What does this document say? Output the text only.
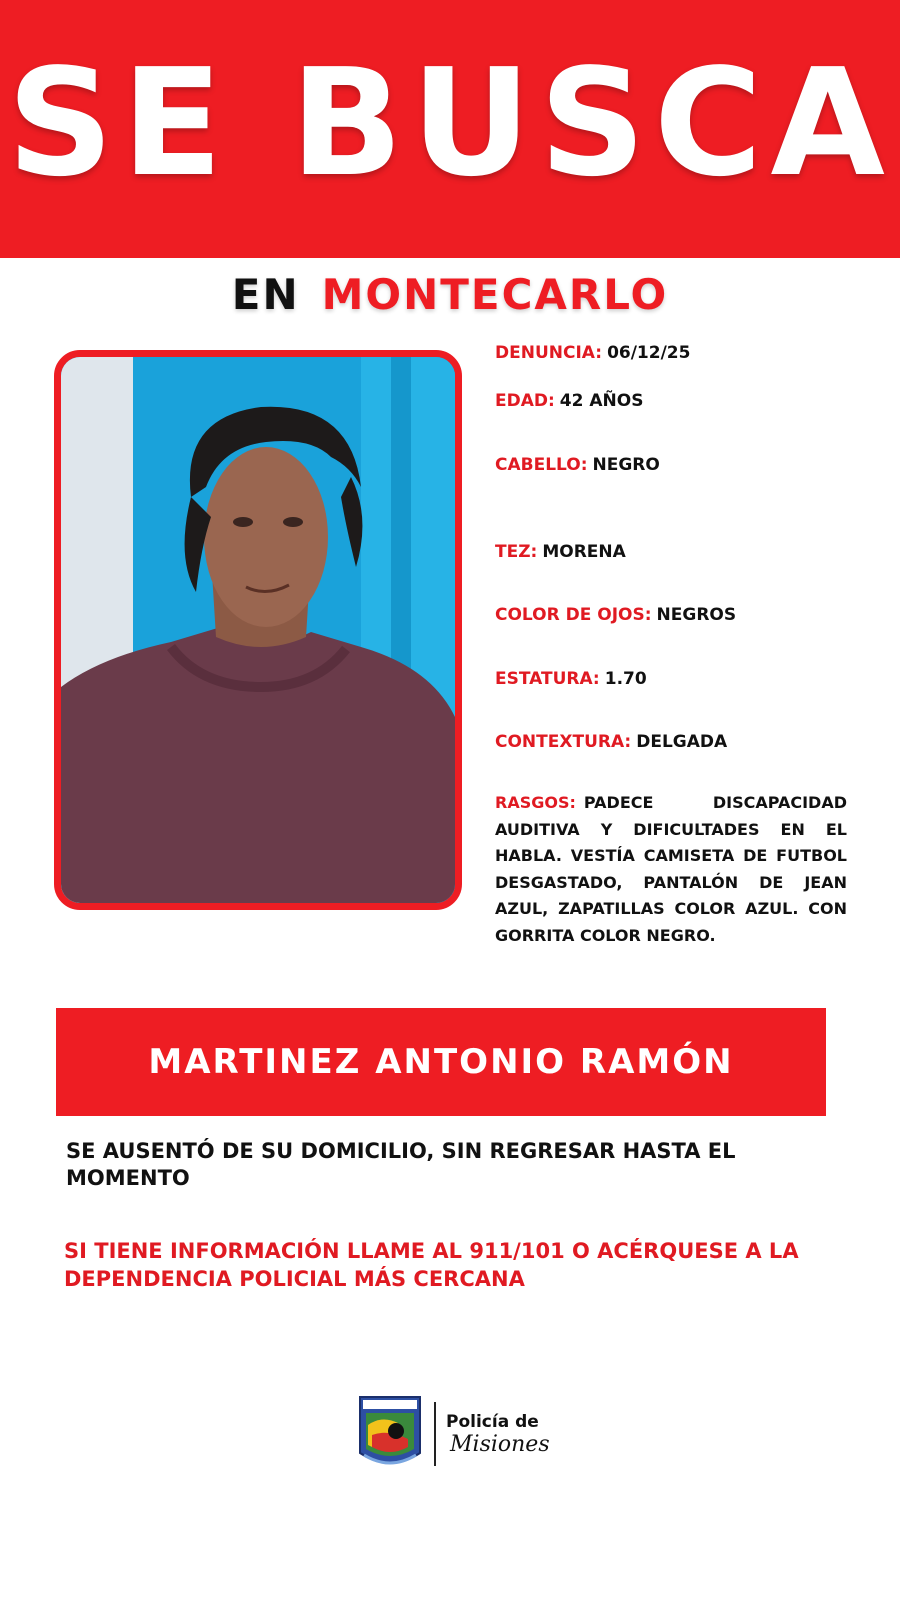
SE BUSCA
EN MONTECARLO
DENUNCIA: 06/12/25
EDAD: 42 AÑOS
CABELLO: NEGRO
TEZ: MORENA
COLOR DE OJOS: NEGROS
ESTATURA: 1.70
CONTEXTURA: DELGADA
RASGOS: PADECE DISCAPACIDAD AUDITIVA Y DIFICULTADES EN EL HABLA. VESTÍA CAMISETA DE FUTBOL DESGASTADO, PANTALÓN DE JEAN AZUL, ZAPATILLAS COLOR AZUL. CON GORRITA COLOR NEGRO.
MARTINEZ ANTONIO RAMÓN
SE AUSENTÓ DE SU DOMICILIO, SIN REGRESAR HASTA EL MOMENTO
SI TIENE INFORMACIÓN LLAME AL 911/101 O ACÉRQUESE A LA DEPENDENCIA POLICIAL MÁS CERCANA
Policía de
Misiones
